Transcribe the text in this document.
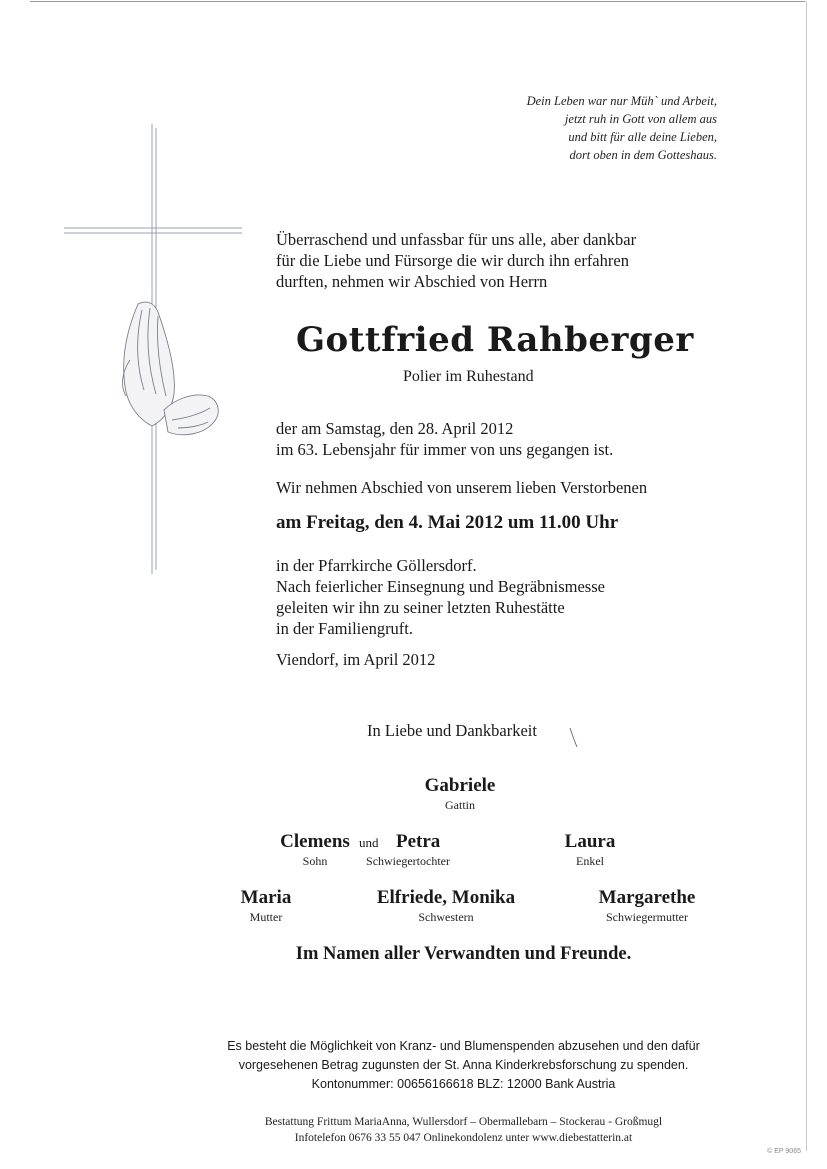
Dein Leben war nur Müh` und Arbeit,
jetzt ruh in Gott von allem aus
und bitt für alle deine Lieben,
dort oben in dem Gotteshaus.
Überraschend und unfassbar für uns alle, aber dankbar
für die Liebe und Fürsorge die wir durch ihn erfahren
durften, nehmen wir Abschied von Herrn
Gottfried Rahberger
Polier im Ruhestand
der am Samstag, den 28. April 2012
im 63. Lebensjahr für immer von uns gegangen ist.
Wir nehmen Abschied von unserem lieben Verstorbenen
am Freitag, den 4. Mai 2012 um 11.00 Uhr
in der Pfarrkirche Göllersdorf.
Nach feierlicher Einsegnung und Begräbnismesse
geleiten wir ihn zu seiner letzten Ruhestätte
in der Familiengruft.
Viendorf, im April 2012
In Liebe und Dankbarkeit
Gabriele
Gattin
Clemens
Sohn
und Petra
Schwiegertochter
Laura
Enkel
Maria
Mutter
Elfriede, Monika
Schwestern
Margarethe
Schwiegermutter
Im Namen aller Verwandten und Freunde.
Es besteht die Möglichkeit von Kranz- und Blumenspenden abzusehen und den dafür
vorgesehenen Betrag zugunsten der St. Anna Kinderkrebsforschung zu spenden.
Kontonummer: 00656166618 BLZ: 12000 Bank Austria
Bestattung Frittum MariaAnna, Wullersdorf – Obermallebarn – Stockerau - Großmugl
Infotelefon 0676 33 55 047 Onlinekondolenz unter www.diebestatterin.at
© EP 9065
